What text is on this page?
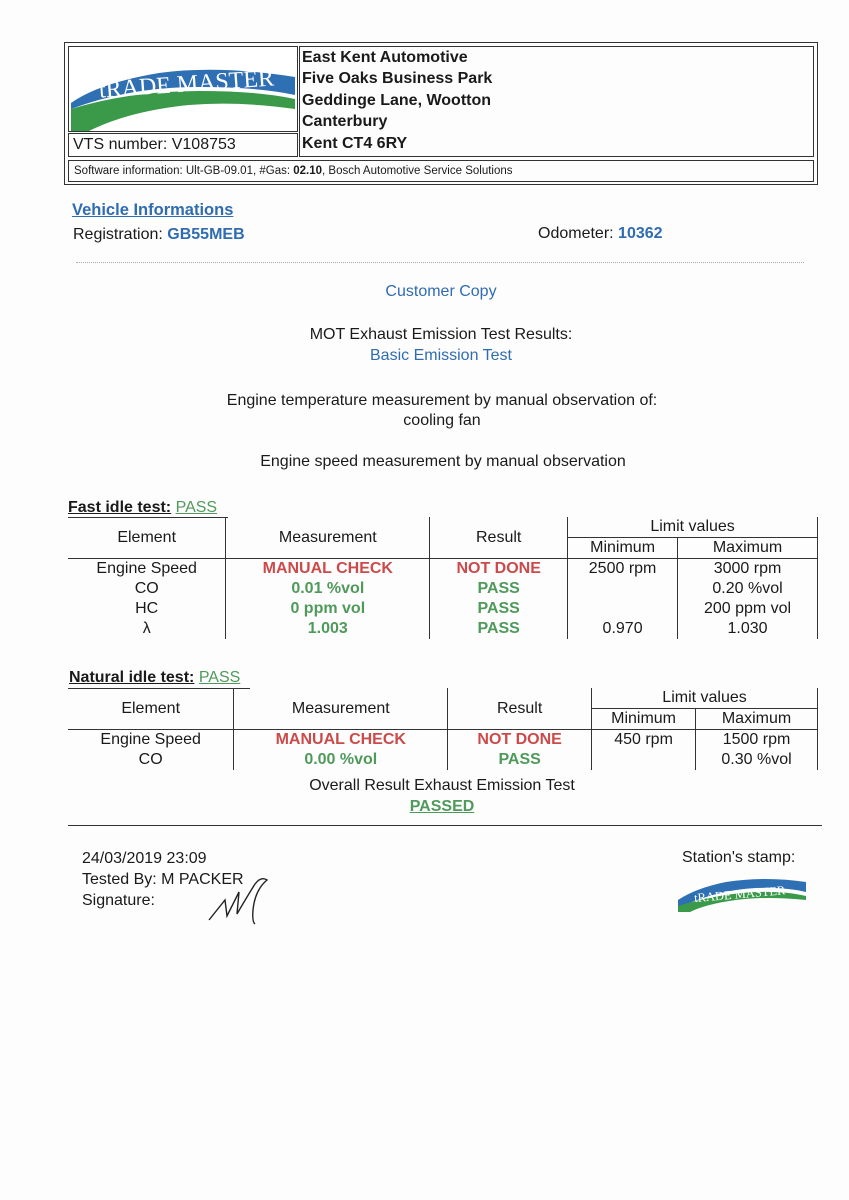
tRADE MASTER
VTS number: V108753
East Kent Automotive
Five Oaks Business Park
Geddinge Lane, Wootton
Canterbury
Kent CT4 6RY
Software information: Ult-GB-09.01, #Gas: 02.10, Bosch Automotive Service Solutions
Vehicle Informations
Registration: GB55MEB	Odometer: 10362
Customer Copy
MOT Exhaust Emission Test Results:
Basic Emission Test
Engine temperature measurement by manual observation of:
cooling fan
Engine speed measurement by manual observation
Fast idle test: PASS
Element	Measurement	Result	Limit values	
			Minimum	Maximum
Engine Speed	MANUAL CHECK	NOT DONE	2500 rpm	3000 rpm
CO	0.01 %vol	PASS		0.20 %vol
HC	0 ppm vol	PASS		200 ppm vol
λ	1.003	PASS	0.970	1.030
Natural idle test: PASS
Element	Measurement	Result	Limit values	
			Minimum	Maximum
Engine Speed	MANUAL CHECK	NOT DONE	450 rpm	1500 rpm
CO	0.00 %vol	PASS		0.30 %vol
Overall Result Exhaust Emission Test
PASSED
24/03/2019 23:09
Tested By: M PACKER
Signature:
Station's stamp:
tRADE MASTER
